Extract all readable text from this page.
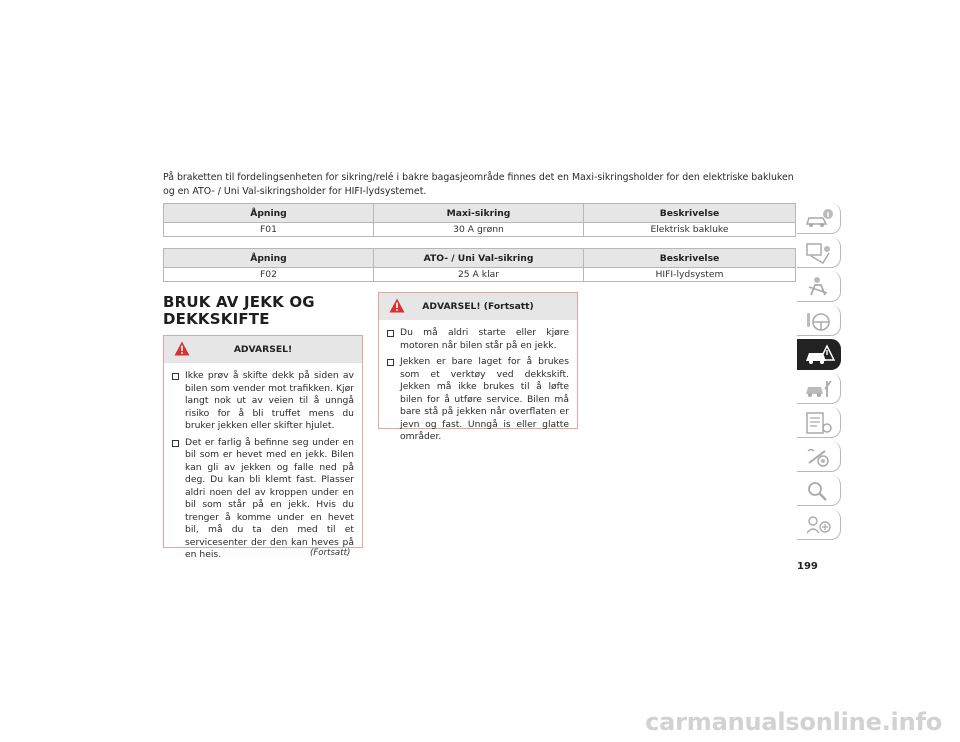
På braketten til fordelingsenheten for sikring/relé i bakre bagasjeområde finnes det en Maxi-sikringsholder for den elektriske bakluken og en ATO- / Uni Val-sikringsholder for HIFI-lydsystemet.
Åpning	Maxi-sikring	Beskrivelse
F01	30 A grønn	Elektrisk bakluke
Åpning	ATO- / Uni Val-sikring	Beskrivelse
F02	25 A klar	HIFI-lydsystem
BRUK AV JEKK OG
DEKKSKIFTE
ADVARSEL!
Ikke prøv å skifte dekk på siden av bilen som vender mot trafikken. Kjør langt nok ut av veien til å unngå risiko for å bli truffet mens du bruker jekken eller skifter hjulet.
Det er farlig å befinne seg under en bil som er hevet med en jekk. Bilen kan gli av jekken og falle ned på deg. Du kan bli klemt fast. Plasser aldri noen del av kroppen under en bil som står på en jekk. Hvis du trenger å komme under en hevet bil, må du ta den med til et servicesenter der den kan heves på en heis.	(Fortsatt)
ADVARSEL! (Fortsatt)
Du må aldri starte eller kjøre motoren når bilen står på en jekk.
Jekken er bare laget for å brukes som et verktøy ved dekkskift. Jekken må ikke brukes til å løfte bilen for å utføre service. Bilen må bare stå på jekken når overflaten er jevn og fast. Unngå is eller glatte områder.
199
carmanualsonline.info
